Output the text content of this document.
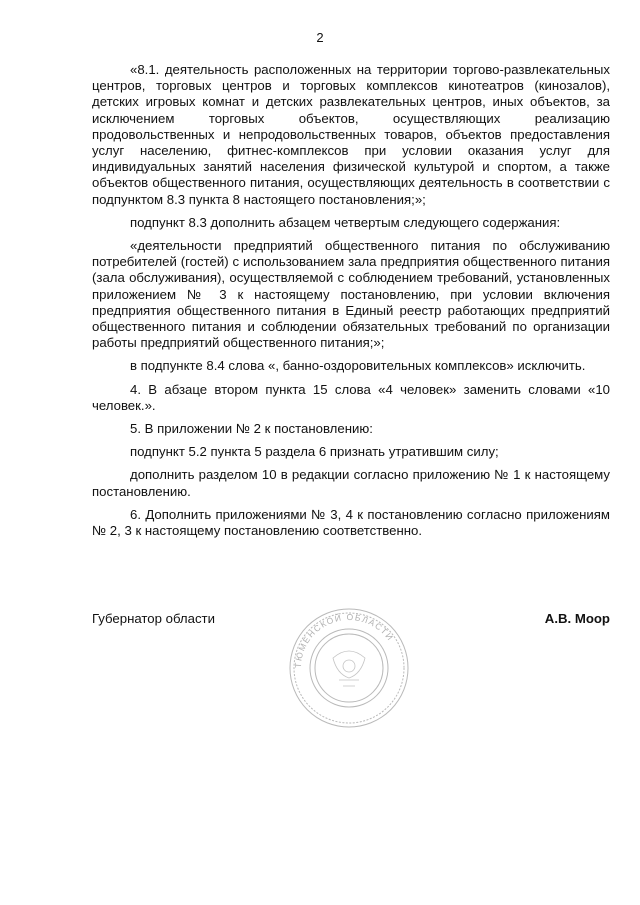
2

«8.1. деятельность расположенных на территории торгово-развлекательных центров, торговых центров и торговых комплексов кинотеатров (кинозалов), детских игровых комнат и детских развлекательных центров, иных объектов, за исключением торговых объектов, осуществляющих реализацию продовольственных и непродовольственных товаров, объектов предоставления услуг населению, фитнес-комплексов при условии оказания услуг для индивидуальных занятий населения физической культурой и спортом, а также объектов общественного питания, осуществляющих деятельность в соответствии с подпунктом 8.3 пункта 8 настоящего постановления;»;

подпункт 8.3 дополнить абзацем четвертым следующего содержания:

«деятельности предприятий общественного питания по обслуживанию потребителей (гостей) с использованием зала предприятия общественного питания (зала обслуживания), осуществляемой с соблюдением требований, установленных приложением № 3 к настоящему постановлению, при условии включения предприятия общественного питания в Единый реестр работающих предприятий общественного питания и соблюдении обязательных требований по организации работы предприятий общественного питания;»;

в подпункте 8.4 слова «, банно-оздоровительных комплексов» исключить.

4. В абзаце втором пункта 15 слова «4 человек» заменить словами «10 человек.».

5. В приложении № 2 к постановлению:

подпункт 5.2 пункта 5 раздела 6 признать утратившим силу;

дополнить разделом 10 в редакции согласно приложению № 1 к настоящему постановлению.

6. Дополнить приложениями № 3, 4 к постановлению согласно приложениям № 2, 3 к настоящему постановлению соответственно.

Губернатор области	А.В. Моор
ТЮМЕНСКОЙ ОБЛАСТИ
